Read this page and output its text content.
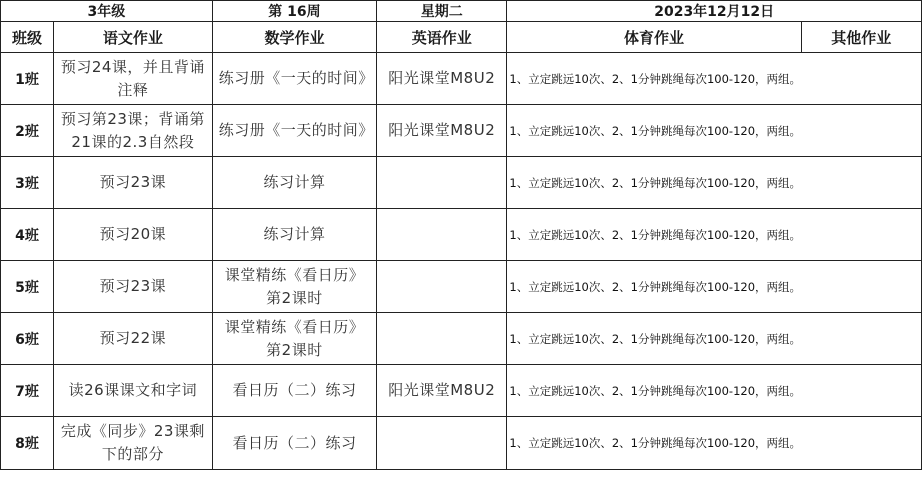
3年级		第 16周	星期二	2023年12月12日	
班级	语文作业	数学作业	英语作业	体育作业	其他作业
1班	预习24课，并且背诵注释	练习册《一天的时间》	阳光课堂M8U2	1、立定跳远10次、2、1分钟跳绳每次100-120，两组。	
2班	预习第23课；背诵第21课的2.3自然段	练习册《一天的时间》	阳光课堂M8U2	1、立定跳远10次、2、1分钟跳绳每次100-120，两组。	
3班	预习23课	练习计算		1、立定跳远10次、2、1分钟跳绳每次100-120，两组。	
4班	预习20课	练习计算		1、立定跳远10次、2、1分钟跳绳每次100-120，两组。	
5班	预习23课	课堂精练《看日历》第2课时		1、立定跳远10次、2、1分钟跳绳每次100-120，两组。	
6班	预习22课	课堂精练《看日历》第2课时		1、立定跳远10次、2、1分钟跳绳每次100-120，两组。	
7班	读26课课文和字词	看日历（二）练习	阳光课堂M8U2	1、立定跳远10次、2、1分钟跳绳每次100-120，两组。	
8班	完成《同步》23课剩下的部分	看日历（二）练习		1、立定跳远10次、2、1分钟跳绳每次100-120，两组。	
